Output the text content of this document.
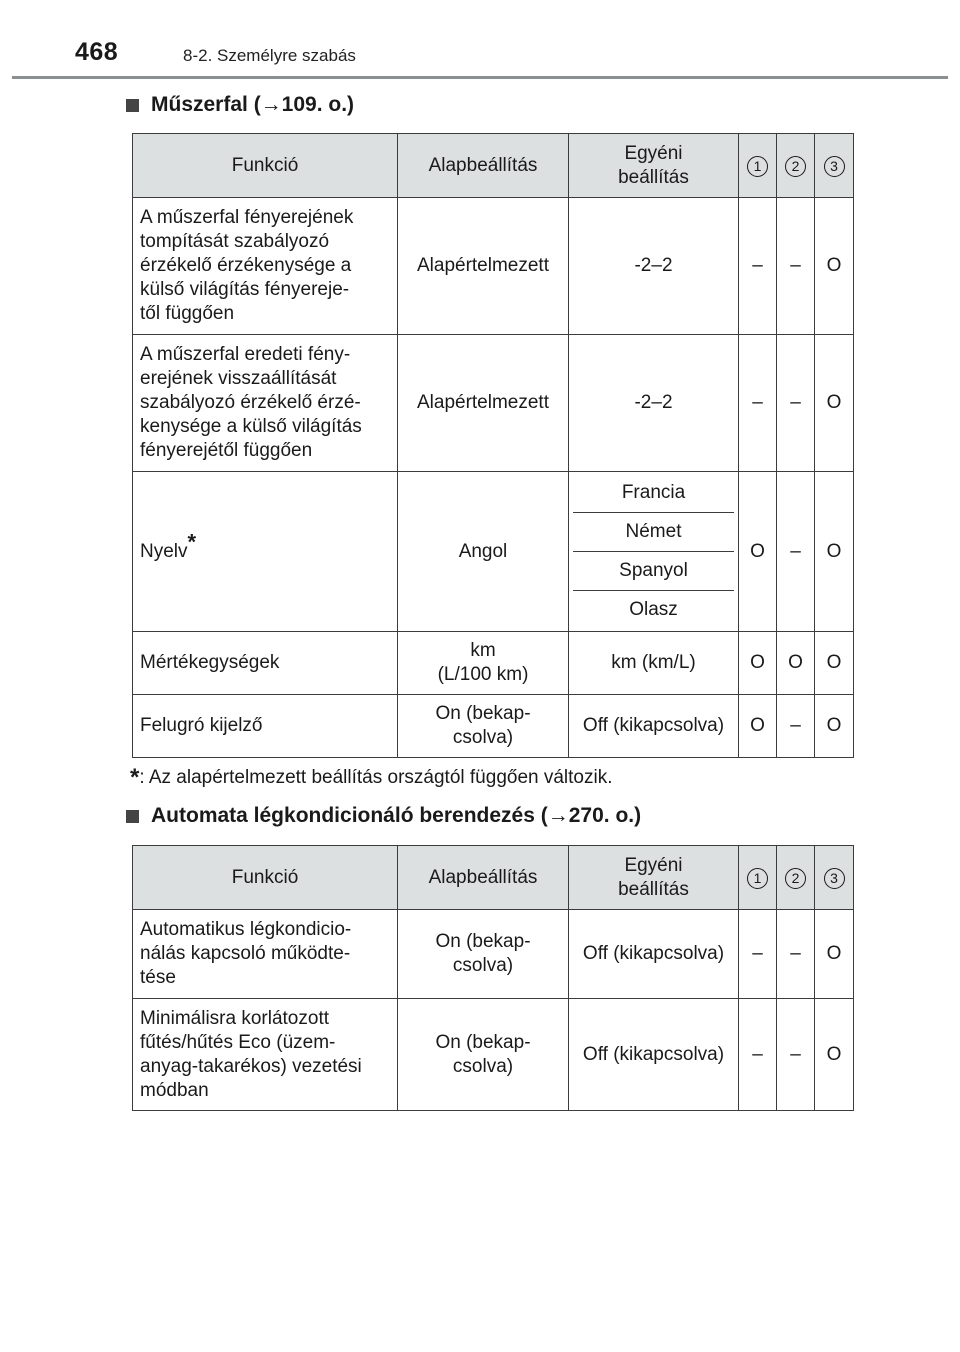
468	8-2. Személyre szabás
Műszerfal (→109. o.)
Funkció	Alapbeállítás	Egyéni
beállítás	1	2	3
A műszerfal fényerejének
tompítását szabályozó
érzékelő érzékenysége a
külső világítás fényereje-
től függően	Alapértelmezett	-2–2	–	–	O
A műszerfal eredeti fény-
erejének visszaállítását
szabályozó érzékelő érzé-
kenysége a külső világítás
fényerejétől függően	Alapértelmezett	-2–2	–	–	O
Nyelv*	Angol	Francia
Német
Spanyol
Olasz	O	–	O
Mértékegységek	km
(L/100 km)	km (km/L)	O	O	O
Felugró kijelző	On (bekap-
csolva)	Off (kikapcsolva)	O	–	O
*: Az alapértelmezett beállítás országtól függően változik.
Automata légkondicionáló berendezés (→270. o.)
Funkció	Alapbeállítás	Egyéni
beállítás	1	2	3
Automatikus légkondicio-
nálás kapcsoló működte-
tése	On (bekap-
csolva)	Off (kikapcsolva)	–	–	O
Minimálisra korlátozott
fűtés/hűtés Eco (üzem-
anyag-takarékos) vezetési
módban	On (bekap-
csolva)	Off (kikapcsolva)	–	–	O
